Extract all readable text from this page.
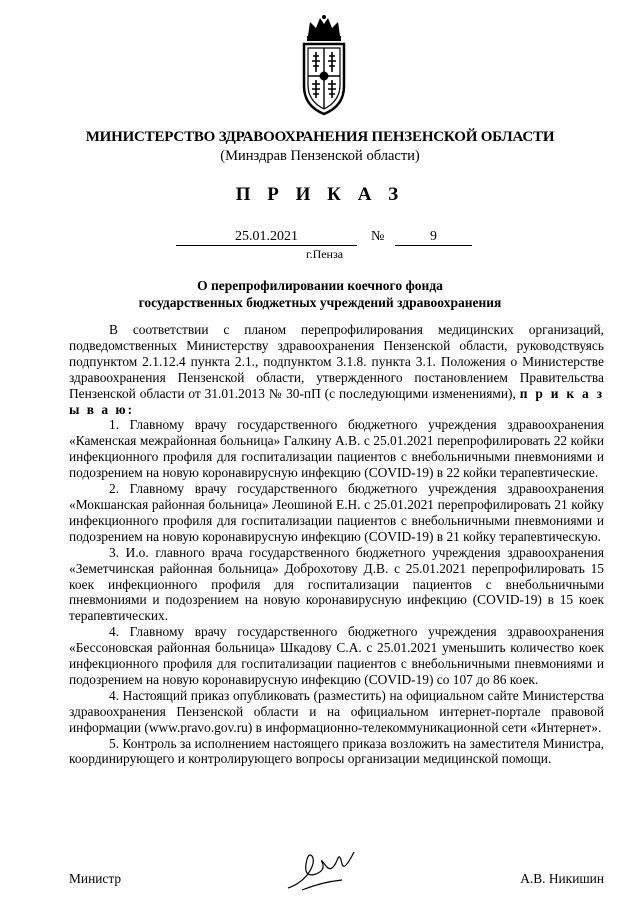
МИНИСТЕРСТВО ЗДРАВООХРАНЕНИЯ ПЕНЗЕНСКОЙ ОБЛАСТИ
(Минздрав Пензенской области)
П Р И К А З
25.01.2021	№	9
г.Пенза
О перепрофилировании коечного фонда
государственных бюджетных учреждений здравоохранения

В соответствии с планом перепрофилирования медицинских организаций, подведомственных Министерству здравоохранения Пензенской области, руководствуясь подпунктом 2.1.12.4 пункта 2.1., подпунктом 3.1.8. пункта 3.1. Положения о Министерстве здравоохранения Пензенской области, утвержденного постановлением Правительства Пензенской области от 31.01.2013 № 30-пП (с последующими изменениями), п р и к а з ы в а ю:

1. Главному врачу государственного бюджетного учреждения здравоохранения «Каменская межрайонная больница» Галкину А.В. с 25.01.2021 перепрофилировать 22 койки инфекционного профиля для госпитализации пациентов с внебольничными пневмониями и подозрением на новую коронавирусную инфекцию (COVID-19) в 22 койки терапевтические.

2. Главному врачу государственного бюджетного учреждения здравоохранения «Мокшанская районная больница» Леошиной Е.Н. с 25.01.2021 перепрофилировать 21 койку инфекционного профиля для госпитализации пациентов с внебольничными пневмониями и подозрением на новую коронавирусную инфекцию (COVID-19) в 21 койку терапевтическую.

3. И.о. главного врача государственного бюджетного учреждения здравоохранения «Земетчинская районная больница» Доброхотову Д.В. с 25.01.2021 перепрофилировать 15 коек инфекционного профиля для госпитализации пациентов с внебольничными пневмониями и подозрением на новую коронавирусную инфекцию (COVID-19) в 15 коек терапевтических.

4. Главному врачу государственного бюджетного учреждения здравоохранения «Бессоновская районная больница» Шкадову С.А. с 25.01.2021 уменьшить количество коек инфекционного профиля для госпитализации пациентов с внебольничными пневмониями и подозрением на новую коронавирусную инфекцию (COVID-19) со 107 до 86 коек.

4. Настоящий приказ опубликовать (разместить) на официальном сайте Министерства здравоохранения Пензенской области и на официальном интернет-портале правовой информации (www.pravo.gov.ru) в информационно-телекоммуникационной сети «Интернет».

5. Контроль за исполнением настоящего приказа возложить на заместителя Министра, координирующего и контролирующего вопросы организации медицинской помощи.

Министр	А.В. Никишин
